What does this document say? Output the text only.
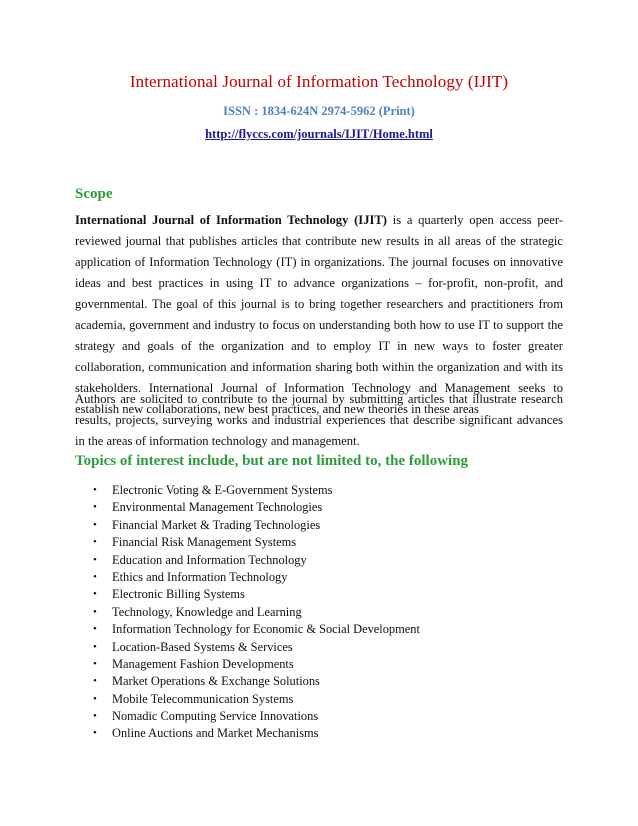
International Journal of Information Technology (IJIT)
ISSN : 1834-624N 2974-5962 (Print)
http://flyccs.com/journals/IJIT/Home.html
Scope
International Journal of Information Technology (IJIT) is a quarterly open access peer-reviewed journal that publishes articles that contribute new results in all areas of the strategic application of Information Technology (IT) in organizations. The journal focuses on innovative ideas and best practices in using IT to advance organizations – for-profit, non-profit, and governmental. The goal of this journal is to bring together researchers and practitioners from academia, government and industry to focus on understanding both how to use IT to support the strategy and goals of the organization and to employ IT in new ways to foster greater collaboration, communication and information sharing both within the organization and with its stakeholders. International Journal of Information Technology and Management seeks to establish new collaborations, new best practices, and new theories in these areas
Authors are solicited to contribute to the journal by submitting articles that illustrate research results, projects, surveying works and industrial experiences that describe significant advances in the areas of information technology and management.
Topics of interest include, but are not limited to, the following
• Electronic Voting & E-Government Systems
• Environmental Management Technologies
• Financial Market & Trading Technologies
• Financial Risk Management Systems
• Education and Information Technology
• Ethics and Information Technology
• Electronic Billing Systems
• Technology, Knowledge and Learning
• Information Technology for Economic & Social Development
• Location-Based Systems & Services
• Management Fashion Developments
• Market Operations & Exchange Solutions
• Mobile Telecommunication Systems
• Nomadic Computing Service Innovations
• Online Auctions and Market Mechanisms
